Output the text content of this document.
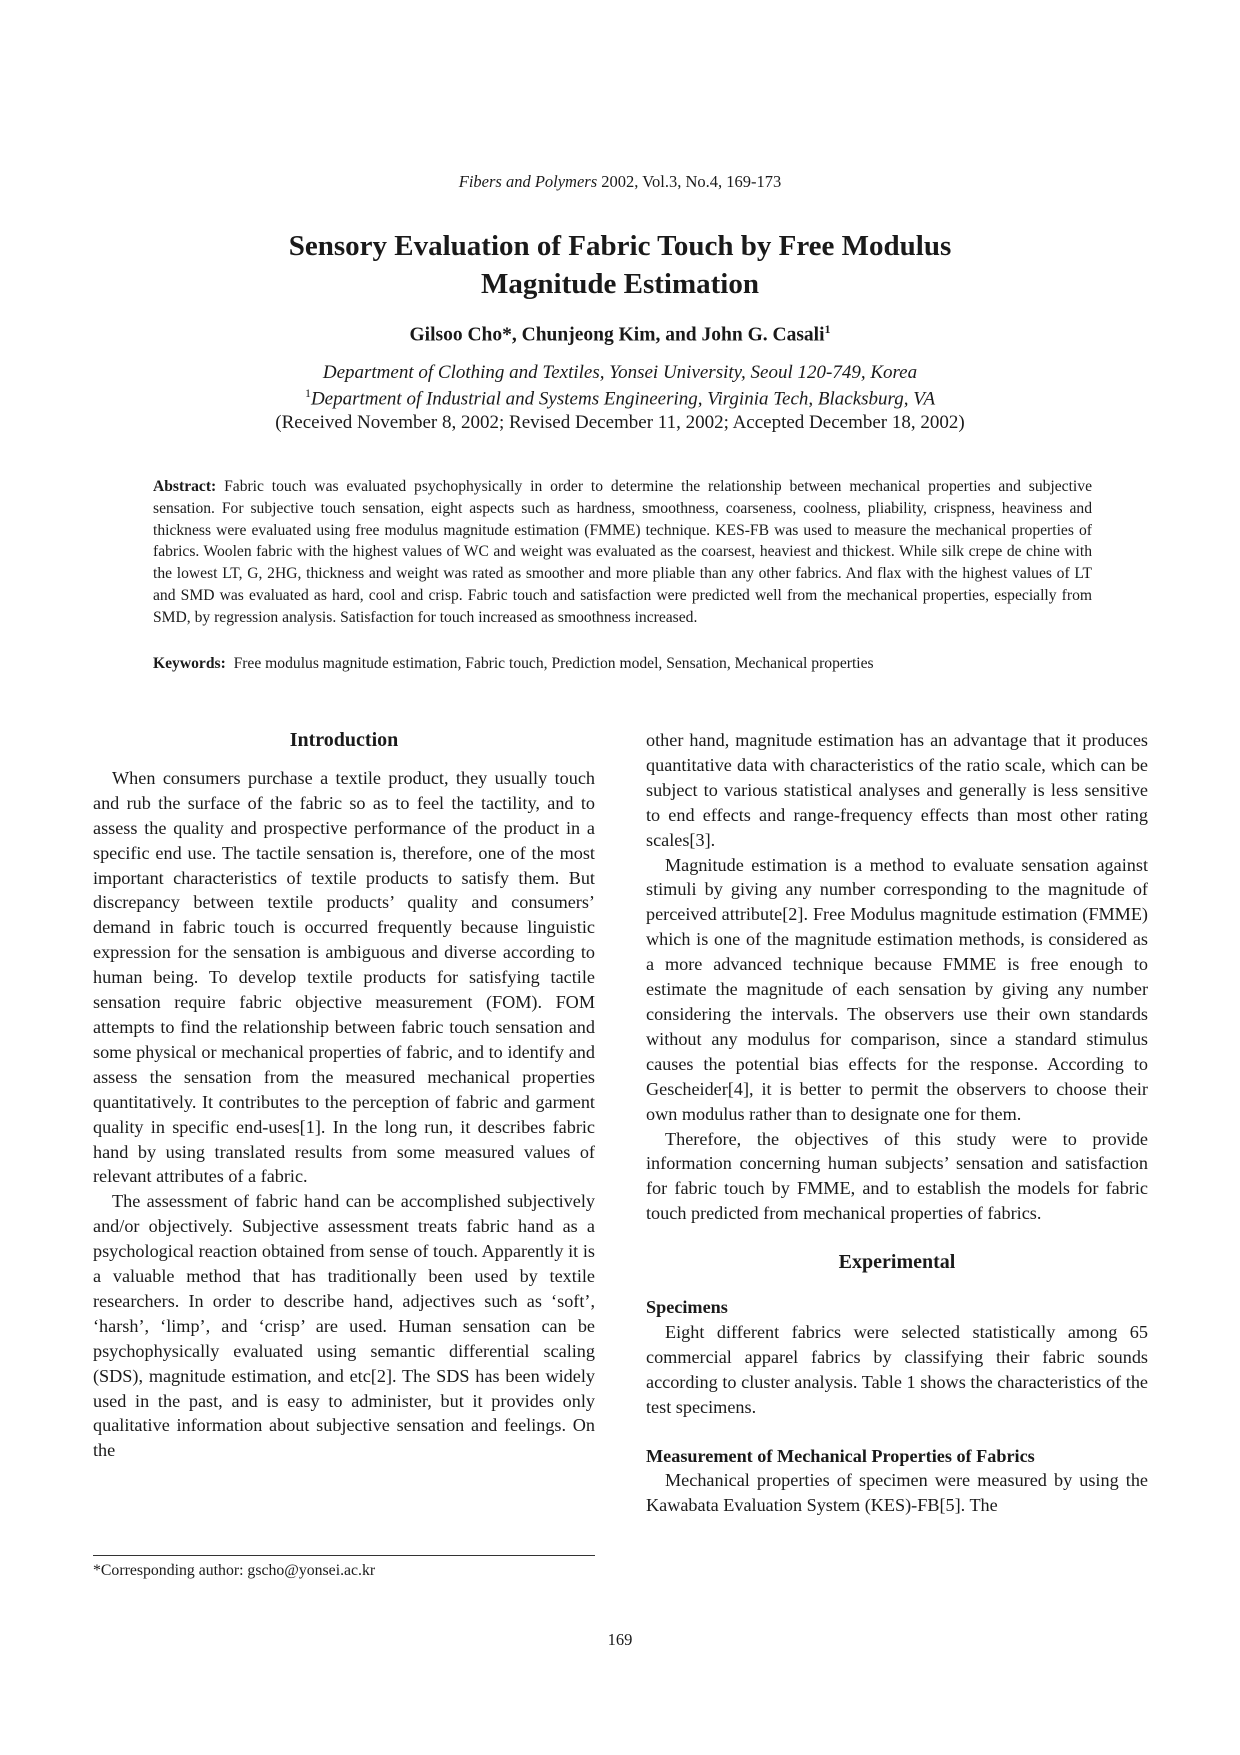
Fibers and Polymers 2002, Vol.3, No.4, 169-173
Sensory Evaluation of Fabric Touch by Free Modulus
Magnitude Estimation
Gilsoo Cho*, Chunjeong Kim, and John G. Casali$^1$
Department of Clothing and Textiles, Yonsei University, Seoul 120-749, Korea
$^1$Department of Industrial and Systems Engineering, Virginia Tech, Blacksburg, VA
(Received November 8, 2002; Revised December 11, 2002; Accepted December 18, 2002)

Abstract: Fabric touch was evaluated psychophysically in order to determine the relationship between mechanical properties and subjective sensation. For subjective touch sensation, eight aspects such as hardness, smoothness, coarseness, coolness, pliability, crispness, heaviness and thickness were evaluated using free modulus magnitude estimation (FMME) technique. KES-FB was used to measure the mechanical properties of fabrics. Woolen fabric with the highest values of WC and weight was evaluated as the coarsest, heaviest and thickest. While silk crepe de chine with the lowest LT, G, 2HG, thickness and weight was rated as smoother and more pliable than any other fabrics. And flax with the highest values of LT and SMD was evaluated as hard, cool and crisp. Fabric touch and satisfaction were predicted well from the mechanical properties, especially from SMD, by regression analysis. Satisfaction for touch increased as smoothness increased.

Keywords:  Free modulus magnitude estimation, Fabric touch, Prediction model, Sensation, Mechanical properties
Introduction

When consumers purchase a textile product, they usually touch and rub the surface of the fabric so as to feel the tactility, and to assess the quality and prospective performance of the product in a specific end use. The tactile sensation is, therefore, one of the most important characteristics of textile products to satisfy them. But discrepancy between textile products’ quality and consumers’ demand in fabric touch is occurred frequently because linguistic expression for the sensation is ambiguous and diverse according to human being. To develop textile products for satisfying tactile sensation require fabric objective measurement (FOM). FOM attempts to find the relationship between fabric touch sensation and some physical or mechanical properties of fabric, and to identify and assess the sensation from the measured mechanical properties quantitatively. It contributes to the perception of fabric and garment quality in specific end-uses[1]. In the long run, it describes fabric hand by using translated results from some measured values of relevant attributes of a fabric.

The assessment of fabric hand can be accomplished subjectively and/or objectively. Subjective assessment treats fabric hand as a psychological reaction obtained from sense of touch. Apparently it is a valuable method that has traditionally been used by textile researchers. In order to describe hand, adjectives such as ‘soft’, ‘harsh’, ‘limp’, and ‘crisp’ are used. Human sensation can be psychophysically evaluated using semantic differential scaling (SDS), magnitude estimation, and etc[2]. The SDS has been widely used in the past, and is easy to administer, but it provides only qualitative information about subjective sensation and feelings. On the

other hand, magnitude estimation has an advantage that it produces quantitative data with characteristics of the ratio scale, which can be subject to various statistical analyses and generally is less sensitive to end effects and range-frequency effects than most other rating scales[3].

Magnitude estimation is a method to evaluate sensation against stimuli by giving any number corresponding to the magnitude of perceived attribute[2]. Free Modulus magnitude estimation (FMME) which is one of the magnitude estimation methods, is considered as a more advanced technique because FMME is free enough to estimate the magnitude of each sensation by giving any number considering the intervals. The observers use their own standards without any modulus for comparison, since a standard stimulus causes the potential bias effects for the response. According to Gescheider[4], it is better to permit the observers to choose their own modulus rather than to designate one for them.

Therefore, the objectives of this study were to provide information concerning human subjects’ sensation and satisfaction for fabric touch by FMME, and to establish the models for fabric touch predicted from mechanical properties of fabrics.

Experimental

Specimens

Eight different fabrics were selected statistically among 65 commercial apparel fabrics by classifying their fabric sounds according to cluster analysis. Table 1 shows the characteristics of the test specimens.

Measurement of Mechanical Properties of Fabrics

Mechanical properties of specimen were measured by using the Kawabata Evaluation System (KES)-FB[5]. The

*Corresponding author: gscho@yonsei.ac.kr
169
